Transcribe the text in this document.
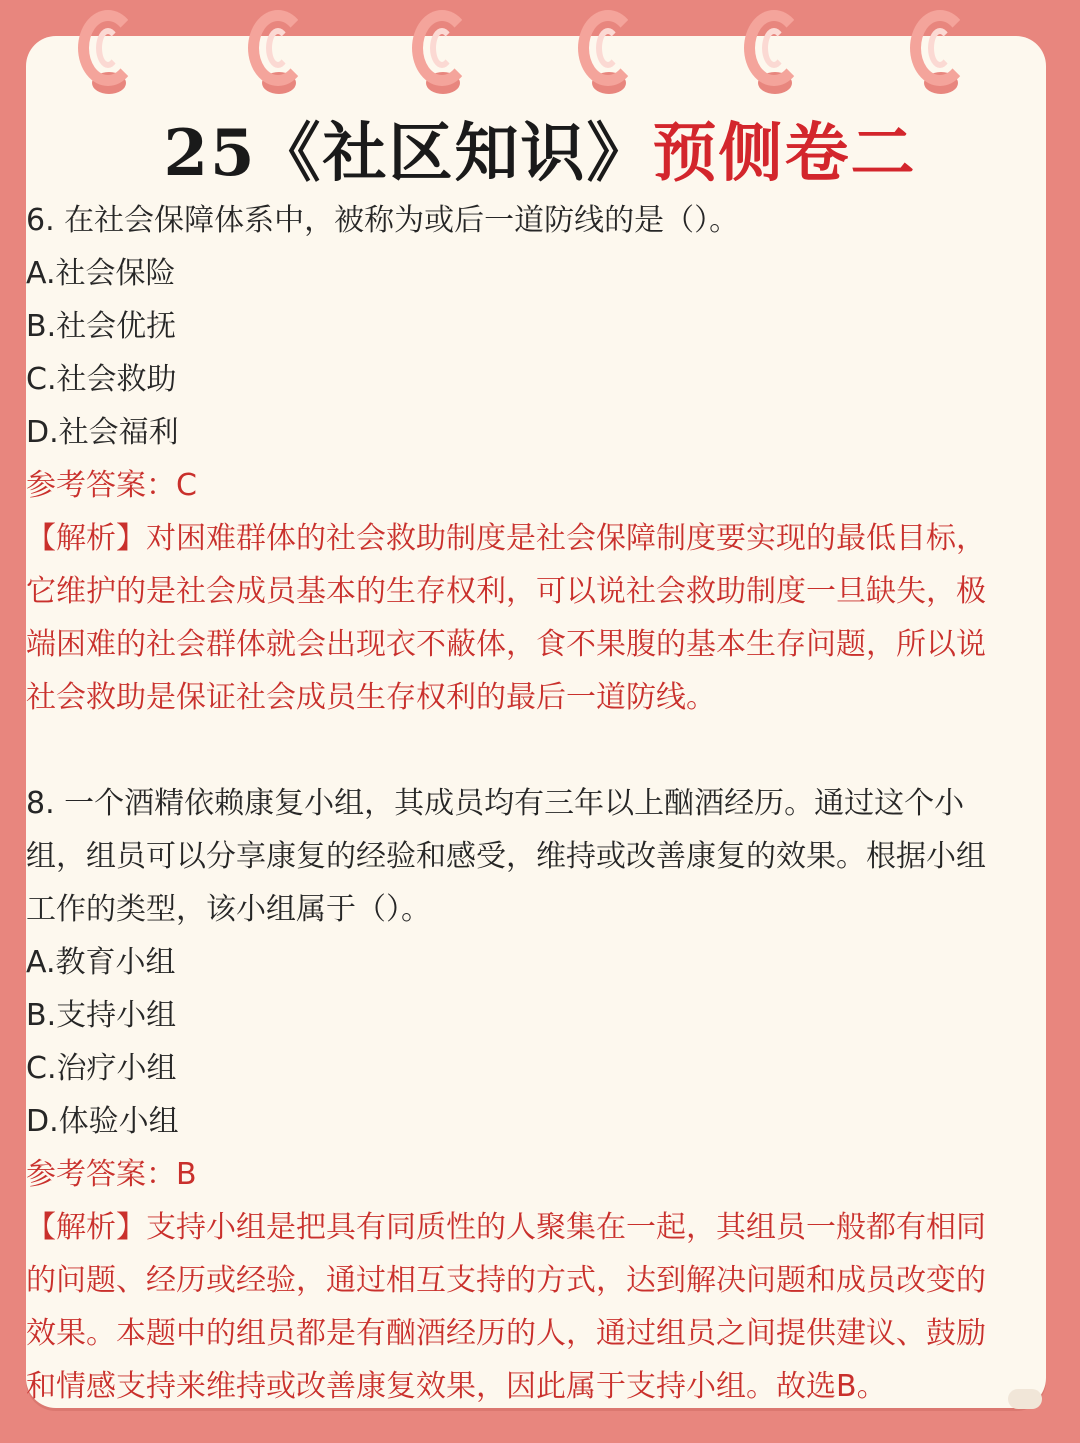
25《社区知识》预侧卷二
6. 在社会保障体系中，被称为或后一道防线的是（）。
A.社会保险
B.社会优抚
C.社会救助
D.社会福利
参考答案：C
【解析】对困难群体的社会救助制度是社会保障制度要实现的最低目标，
它维护的是社会成员基本的生存权利，可以说社会救助制度一旦缺失，极
端困难的社会群体就会出现衣不蔽体，食不果腹的基本生存问题，所以说
社会救助是保证社会成员生存权利的最后一道防线。
8. 一个酒精依赖康复小组，其成员均有三年以上酗酒经历。通过这个小
组，组员可以分享康复的经验和感受，维持或改善康复的效果。根据小组
工作的类型，该小组属于（）。
A.教育小组
B.支持小组
C.治疗小组
D.体验小组
参考答案：B
【解析】支持小组是把具有同质性的人聚集在一起，其组员一般都有相同
的问题、经历或经验，通过相互支持的方式，达到解决问题和成员改变的
效果。本题中的组员都是有酗酒经历的人，通过组员之间提供建议、鼓励
和情感支持来维持或改善康复效果，因此属于支持小组。故选B。
